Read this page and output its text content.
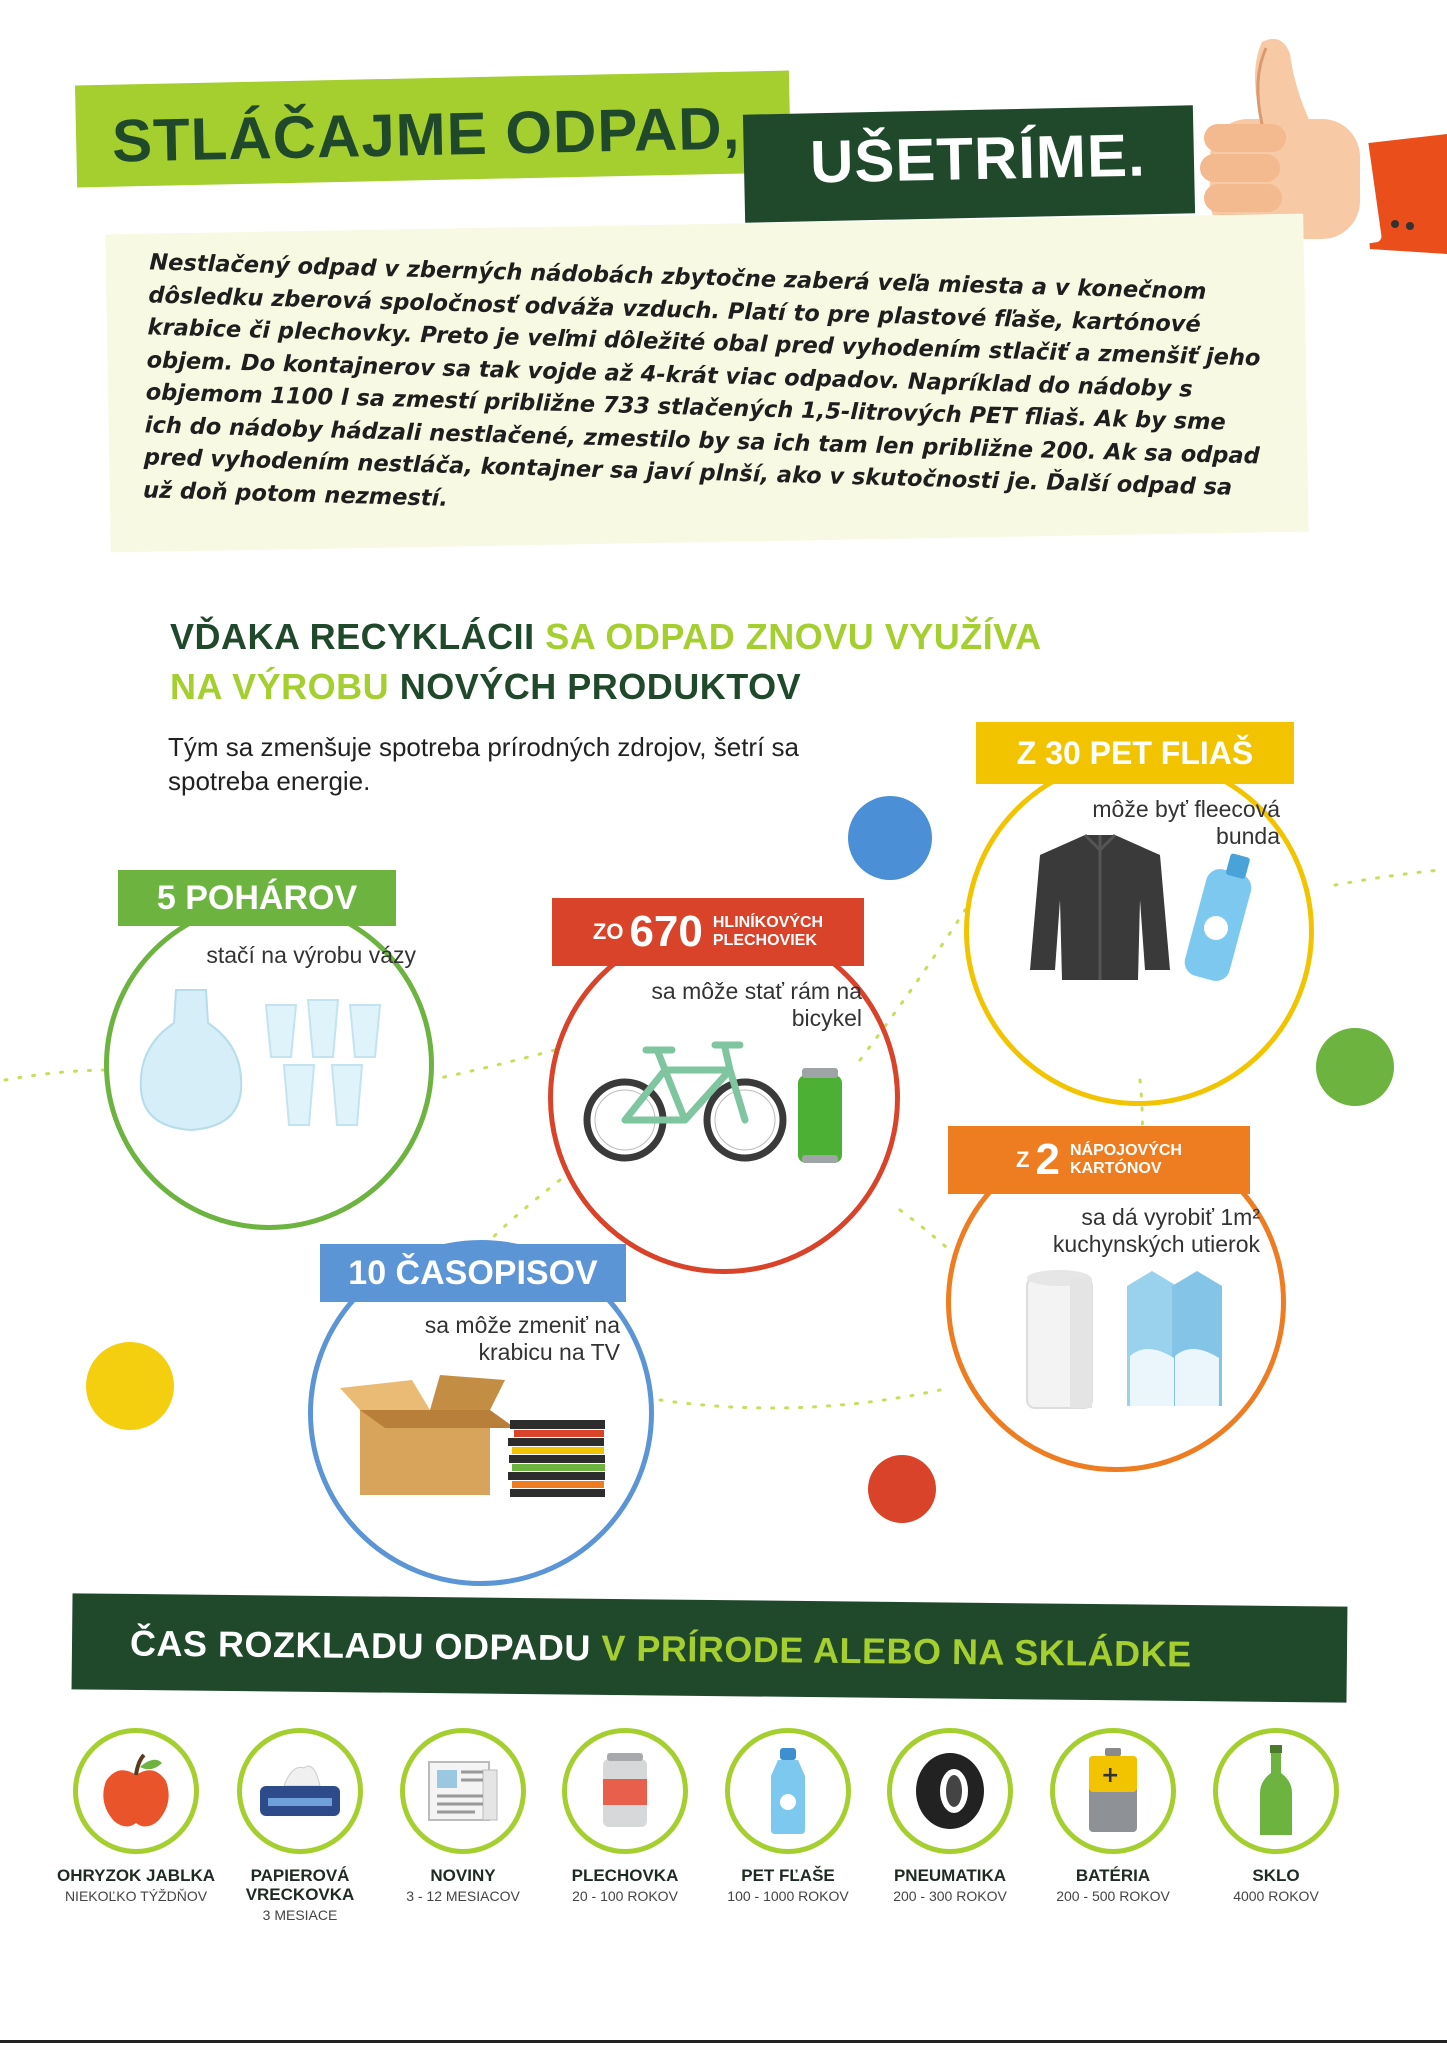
STLÁČAJME ODPAD, UŠETRÍME.
Nestlačený odpad v zberných nádobách zbytočne zaberá veľa miesta a v konečnom dôsledku zberová spoločnosť odváža vzduch. Platí to pre plastové fľaše, kartónové krabice či plechovky. Preto je veľmi dôležité obal pred vyhodením stlačiť a zmenšiť jeho objem. Do kontajnerov sa tak vojde až 4-krát viac odpadov. Napríklad do nádoby s objemom 1100 l sa zmestí približne 733 stlačených 1,5-litrových PET fliaš. Ak by sme ich do nádoby hádzali nestlačené, zmestilo by sa ich tam len približne 200. Ak sa odpad pred vyhodením nestláča, kontajner sa javí plnší, ako v skutočnosti je. Ďalší odpad sa už doň potom nezmestí.
VĎAKA RECYKLÁCII SA ODPAD ZNOVU VYUŽÍVA
NA VÝROBU NOVÝCH PRODUKTOV
Tým sa zmenšuje spotreba prírodných zdrojov, šetrí sa spotreba energie.
5 POHÁROV
stačí na výrobu vázy
ZO 670 HLINÍKOVÝCH
PLECHOVIEK
sa môže stať rám na bicykel
Z 30 PET FLIAŠ
môže byť fleecová bunda
Z 2 NÁPOJOVÝCH
KARTÓNOV
sa dá vyrobiť 1m² kuchynských utierok
10 ČASOPISOV
sa môže zmeniť na krabicu na TV
ČAS ROZKLADU ODPADU V PRÍRODE ALEBO NA SKLÁDKE
OHRYZOK JABLKA
NIEKOĽKO TÝŽDŇOV
PAPIEROVÁ VRECKOVKA
3 MESIACE
NOVINY
3 - 12 MESIACOV
PLECHOVKA
20 - 100 ROKOV
PET FĽAŠE
100 - 1000 ROKOV
PNEUMATIKA
200 - 300 ROKOV
+
BATÉRIA
200 - 500 ROKOV
SKLO
4000 ROKOV
